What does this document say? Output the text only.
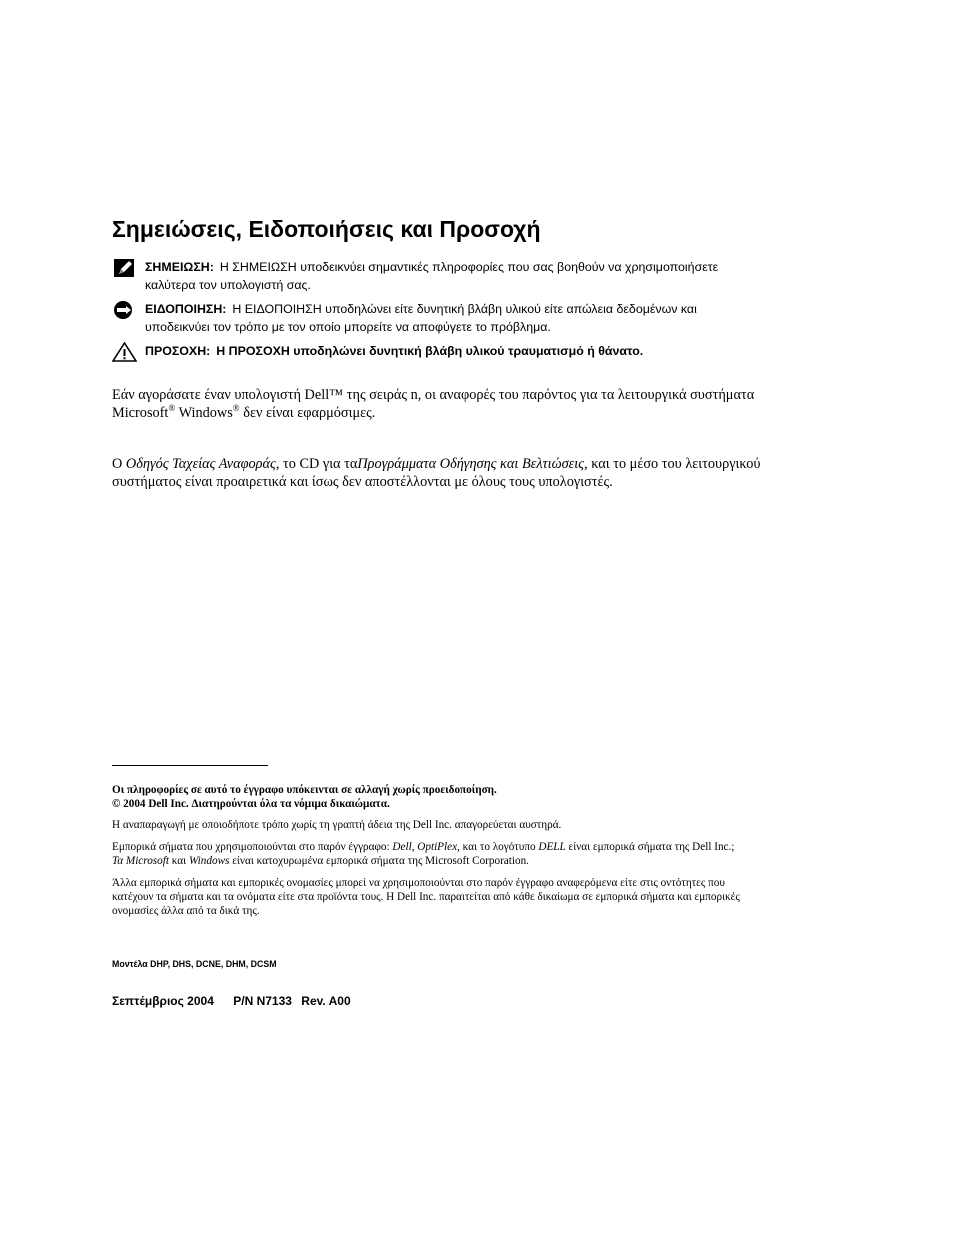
Σημειώσεις, Ειδοποιήσεις και Προσοχή
ΣΗΜΕΙΩΣΗ: Η ΣΗΜΕΙΩΣΗ υποδεικνύει σημαντικές πληροφορίες που σας βοηθούν να χρησιμοποιήσετε
καλύτερα τον υπολογιστή σας.
ΕΙΔΟΠΟΙΗΣΗ: Η ΕΙΔΟΠΟΙΗΣΗ υποδηλώνει είτε δυνητική βλάβη υλικού είτε απώλεια δεδομένων και
υποδεικνύει τον τρόπο με τον οποίο μπορείτε να αποφύγετε το πρόβλημα.
ΠΡΟΣΟΧΗ: Η ΠΡΟΣΟΧΗ υποδηλώνει δυνητική βλάβη υλικού τραυματισμό ή θάνατο.
Εάν αγοράσατε έναν υπολογιστή Dell™ της σειράς n, οι αναφορές του παρόντος για τα λειτουργικά συστήματα
Microsoft® Windows® δεν είναι εφαρμόσιμες.
Ο Οδηγός Ταχείας Αναφοράς, το CD για ταΠρογράμματα Οδήγησης και Βελτιώσεις, και το μέσο του λειτουργικού
συστήματος είναι προαιρετικά και ίσως δεν αποστέλλονται με όλους τους υπολογιστές.
Οι πληροφορίες σε αυτό το έγγραφο υπόκεινται σε αλλαγή χωρίς προειδοποίηση.
© 2004 Dell Inc. Διατηρούνται όλα τα νόμιμα δικαιώματα.
Η αναπαραγωγή με οποιοδήποτε τρόπο χωρίς τη γραπτή άδεια της Dell Inc. απαγορεύεται αυστηρά.
Εμπορικά σήματα που χρησιμοποιούνται στο παρόν έγγραφο: Dell, OptiPlex, και το λογότυπο DELL είναι εμπορικά σήματα της Dell Inc.;
Τα Microsoft και Windows είναι κατοχυρωμένα εμπορικά σήματα της Microsoft Corporation.
Άλλα εμπορικά σήματα και εμπορικές ονομασίες μπορεί να χρησιμοποιούνται στο παρόν έγγραφο αναφερόμενα είτε στις οντότητες που
κατέχουν τα σήματα και τα ονόματα είτε στα προϊόντα τους. Η Dell Inc. παραιτείται από κάθε δικαίωμα σε εμπορικά σήματα και εμπορικές
ονομασίες άλλα από τα δικά της.
Μοντέλα DHP, DHS, DCNE, DHM, DCSM
Σεπτέμβριος 2004 P/N N7133 Rev. A00
